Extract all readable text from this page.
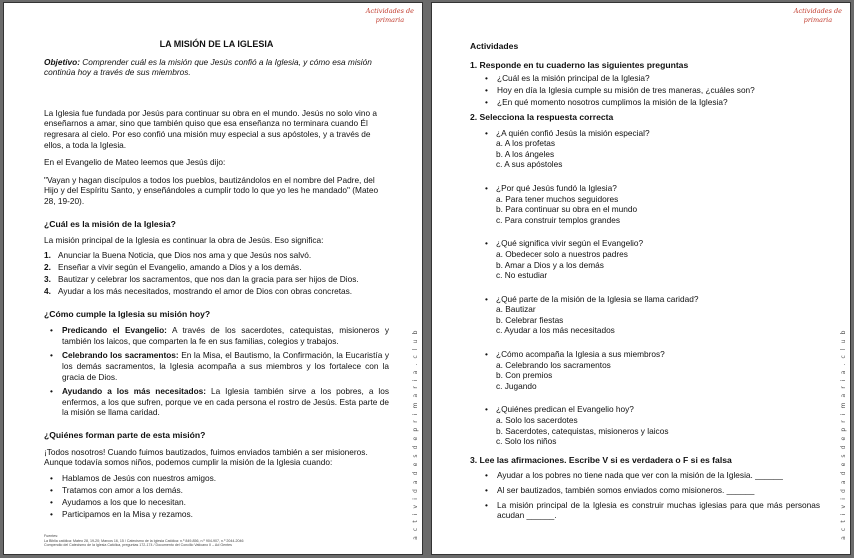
Actividades de
primaria
a c t i v i d a d e s d e p r i m a r i a . c l u b
LA MISIÓN DE LA IGLESIA
Objetivo: Comprender cuál es la misión que Jesús confió a la Iglesia, y cómo esa misión continúa hoy a través de sus miembros.

La Iglesia fue fundada por Jesús para continuar su obra en el mundo. Jesús no solo vino a enseñarnos a amar, sino que también quiso que esa enseñanza no terminara cuando Él regresara al cielo. Por eso confió una misión muy especial a sus apóstoles, y a través de ellos, a toda la Iglesia.

En el Evangelio de Mateo leemos que Jesús dijo:

"Vayan y hagan discípulos a todos los pueblos, bautizándolos en el nombre del Padre, del Hijo y del Espíritu Santo, y enseñándoles a cumplir todo lo que yo les he mandado" (Mateo 28, 19-20).

¿Cuál es la misión de la Iglesia?

La misión principal de la Iglesia es continuar la obra de Jesús. Eso significa:

1. Anunciar la Buena Noticia, que Dios nos ama y que Jesús nos salvó.
2. Enseñar a vivir según el Evangelio, amando a Dios y a los demás.
3. Bautizar y celebrar los sacramentos, que nos dan la gracia para ser hijos de Dios.
4. Ayudar a los más necesitados, mostrando el amor de Dios con obras concretas.
¿Cómo cumple la Iglesia su misión hoy?
• Predicando el Evangelio: A través de los sacerdotes, catequistas, misioneros y también los laicos, que comparten la fe en sus familias, colegios y trabajos.
• Celebrando los sacramentos: En la Misa, el Bautismo, la Confirmación, la Eucaristía y los demás sacramentos, la Iglesia acompaña a sus miembros y los fortalece con la gracia de Dios.
• Ayudando a los más necesitados: La Iglesia también sirve a los pobres, a los enfermos, a los que sufren, porque ve en cada persona el rostro de Jesús. Esta parte de la misión se llama caridad.
¿Quiénes forman parte de esta misión?

¡Todos nosotros! Cuando fuimos bautizados, fuimos enviados también a ser misioneros. Aunque todavía somos niños, podemos cumplir la misión de la Iglesia cuando:

• Hablamos de Jesús con nuestros amigos.
• Tratamos con amor a los demás.
• Ayudamos a los que lo necesitan.
• Participamos en la Misa y rezamos.
Fuentes:
La Biblia católica: Mateo 28, 19-20; Marcos 16, 15 / Catecismo de la Iglesia Católica: n.º 849-856, n.º 904-907, n.º 2044-2046
Compendio del Catecismo de la Iglesia Católica, preguntas 172-174 / Documento del Concilio Vaticano II – Ad Gentes
Actividades de
primaria
a c t i v i d a d e s d e p r i m a r i a . c l u b
Actividades
1. Responde en tu cuaderno las siguientes preguntas
• ¿Cuál es la misión principal de la Iglesia?
• Hoy en día la Iglesia cumple su misión de tres maneras, ¿cuáles son?
• ¿En qué momento nosotros cumplimos la misión de la Iglesia?
2. Selecciona la respuesta correcta
• ¿A quién confió Jesús la misión especial?
a. A los profetas
b. A los ángeles
c. A sus apóstoles
• ¿Por qué Jesús fundó la Iglesia?
a. Para tener muchos seguidores
b. Para continuar su obra en el mundo
c. Para construir templos grandes
• ¿Qué significa vivir según el Evangelio?
a. Obedecer solo a nuestros padres
b. Amar a Dios y a los demás
c. No estudiar
• ¿Qué parte de la misión de la Iglesia se llama caridad?
a. Bautizar
b. Celebrar fiestas
c. Ayudar a los más necesitados
• ¿Cómo acompaña la Iglesia a sus miembros?
a. Celebrando los sacramentos
b. Con premios
c. Jugando
• ¿Quiénes predican el Evangelio hoy?
a. Solo los sacerdotes
b. Sacerdotes, catequistas, misioneros y laicos
c. Solo los niños
3. Lee las afirmaciones. Escribe V si es verdadera o F si es falsa
• Ayudar a los pobres no tiene nada que ver con la misión de la Iglesia. ______
• Al ser bautizados, también somos enviados como misioneros. ______
• La misión principal de la Iglesia es construir muchas iglesias para que más personas acudan ______.
